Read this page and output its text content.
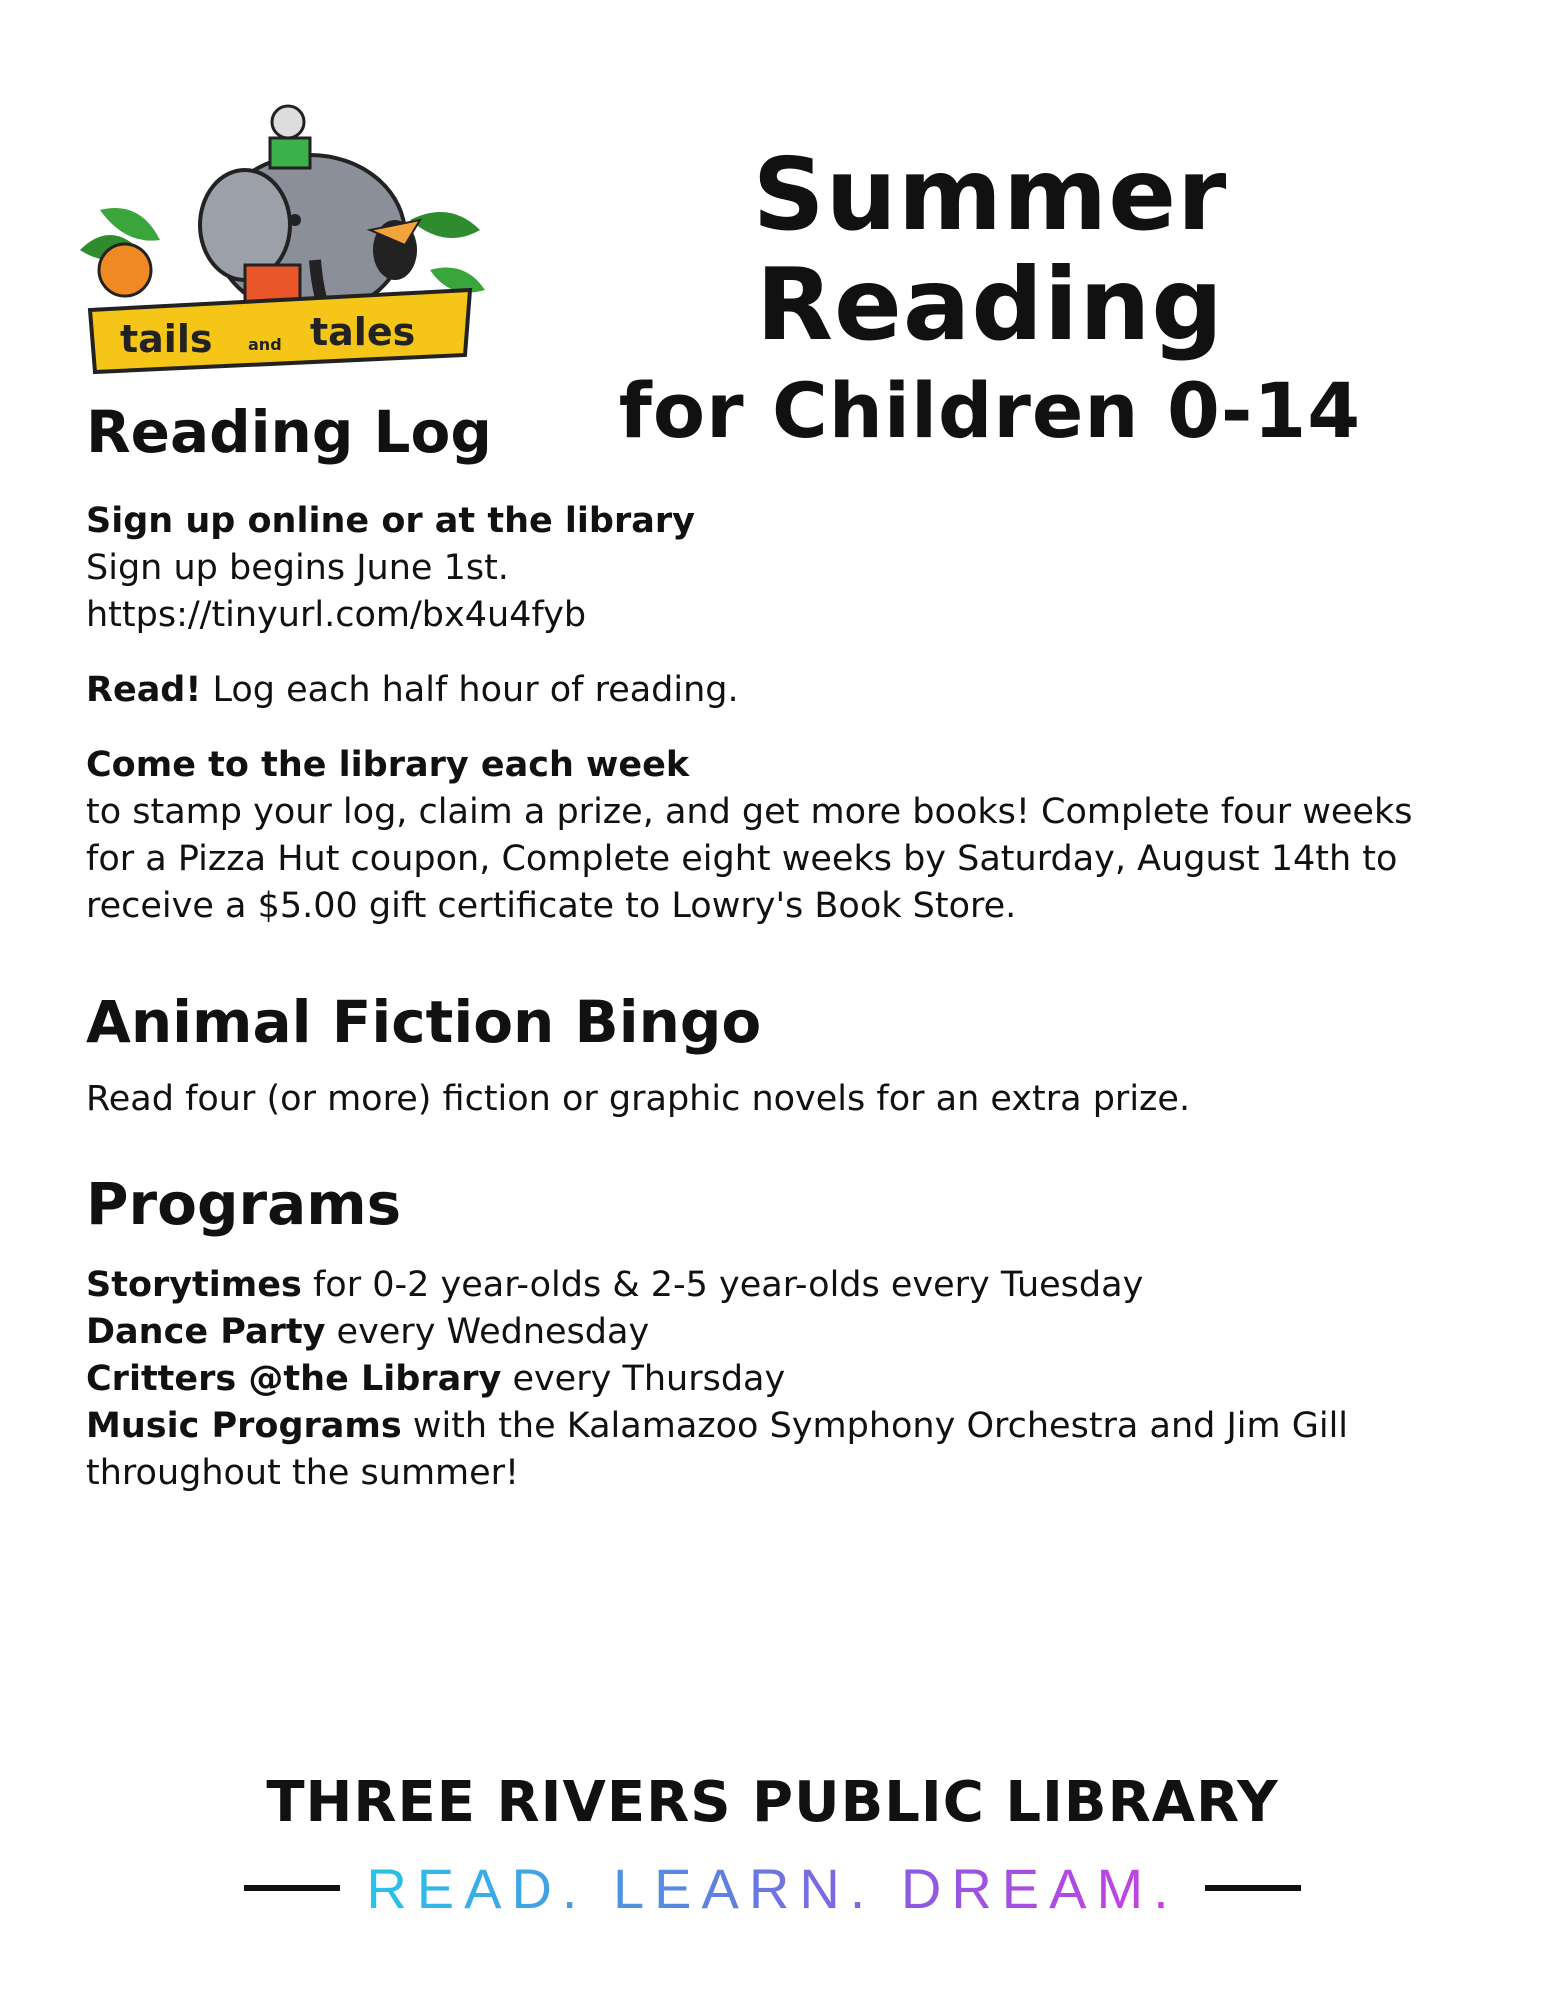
tails and tales
Summer Reading
for Children 0-14
Reading Log

Sign up online or at the library

Sign up begins June 1st.

https://tinyurl.com/bx4u4fyb

Read! Log each half hour of reading.

Come to the library each week

to stamp your log, claim a prize, and get more books! Complete four weeks for a Pizza Hut coupon, Complete eight weeks by Saturday, August 14th to receive a $5.00 gift certificate to Lowry's Book Store.

Animal Fiction Bingo

Read four (or more) fiction or graphic novels for an extra prize.

Programs

Storytimes for 0-2 year-olds & 2-5 year-olds every Tuesday

Dance Party every Wednesday

Critters @the Library every Thursday

Music Programs with the Kalamazoo Symphony Orchestra and Jim Gill throughout the summer!

THREE RIVERS PUBLIC LIBRARY
READ. LEARN. DREAM.
